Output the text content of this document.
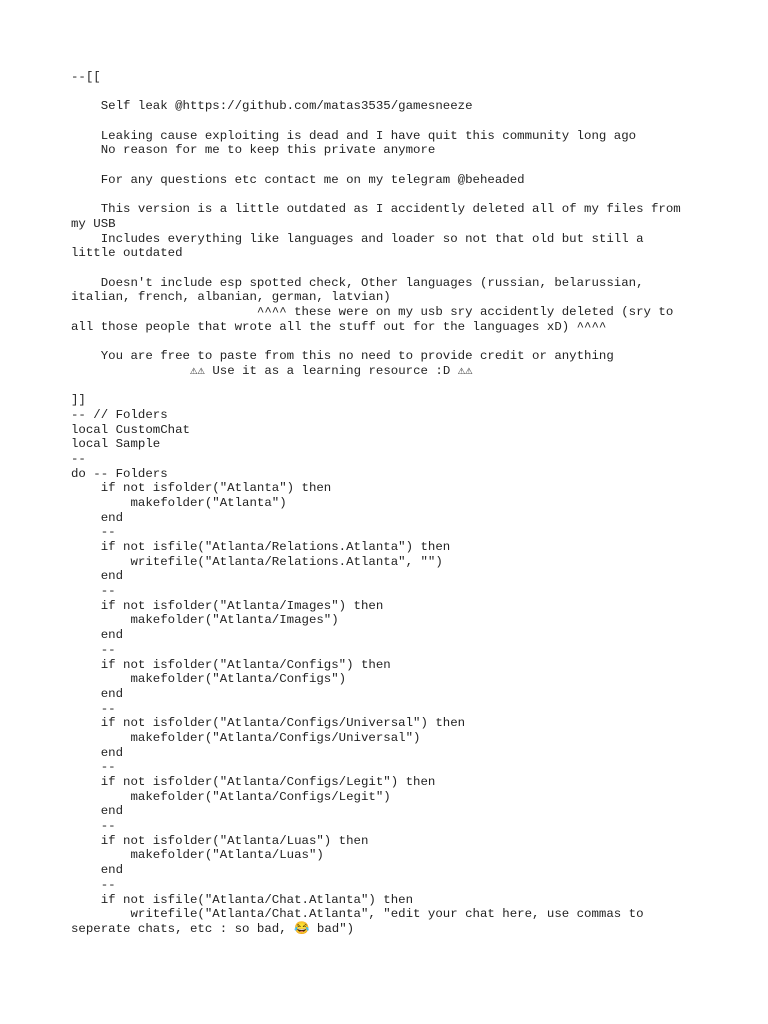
--[[
Self leak @https://github.com/matas3535/gamesneeze
Leaking cause exploiting is dead and I have quit this community long ago
No reason for me to keep this private anymore
For any questions etc contact me on my telegram @beheaded
This version is a little outdated as I accidently deleted all of my files from
my USB
Includes everything like languages and loader so not that old but still a
little outdated
Doesn't include esp spotted check, Other languages (russian, belarussian,
italian, french, albanian, german, latvian)
^^^^ these were on my usb sry accidently deleted (sry to
all those people that wrote all the stuff out for the languages xD) ^^^^
You are free to paste from this no need to provide credit or anything
⚠⚠ Use it as a learning resource :D ⚠⚠
]]
-- // Folders
local CustomChat
local Sample
--
do -- Folders
if not isfolder("Atlanta") then
makefolder("Atlanta")
end
--
if not isfile("Atlanta/Relations.Atlanta") then
writefile("Atlanta/Relations.Atlanta", "")
end
--
if not isfolder("Atlanta/Images") then
makefolder("Atlanta/Images")
end
--
if not isfolder("Atlanta/Configs") then
makefolder("Atlanta/Configs")
end
--
if not isfolder("Atlanta/Configs/Universal") then
makefolder("Atlanta/Configs/Universal")
end
--
if not isfolder("Atlanta/Configs/Legit") then
makefolder("Atlanta/Configs/Legit")
end
--
if not isfolder("Atlanta/Luas") then
makefolder("Atlanta/Luas")
end
--
if not isfile("Atlanta/Chat.Atlanta") then
writefile("Atlanta/Chat.Atlanta", "edit your chat here, use commas to
seperate chats, etc : so bad, 😂 bad")
